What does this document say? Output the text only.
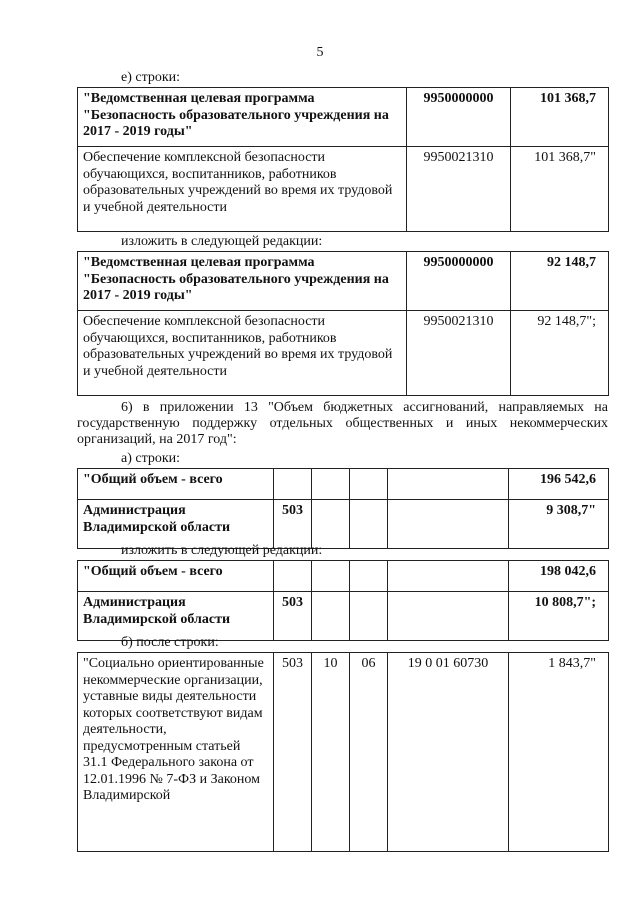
5
е) строки:
"Ведомственная целевая программа "Безопасность образовательного учреждения на 2017 - 2019 годы"	9950000000	101 368,7
Обеспечение комплексной безопасности обучающихся, воспитанников, работников образовательных учреждений во время их трудовой и учебной деятельности	9950021310	101 368,7"
изложить в следующей редакции:
"Ведомственная целевая программа "Безопасность образовательного учреждения на 2017 - 2019 годы"	9950000000	92 148,7
Обеспечение комплексной безопасности обучающихся, воспитанников, работников образовательных учреждений во время их трудовой и учебной деятельности	9950021310	92 148,7";
6) в приложении 13 "Объем бюджетных ассигнований, направляемых на государственную поддержку отдельных общественных и иных некоммерческих организаций, на 2017 год":
а) строки:
"Общий объем - всего					196 542,6
Администрация Владимирской области	503				9 308,7"
изложить в следующей редакции:
"Общий объем - всего					198 042,6
Администрация Владимирской области	503				10 808,7";
б) после строки:
"Социально ориентированные некоммерческие организации, уставные виды деятельности которых соответствуют видам деятельности, предусмотренным статьей 31.1 Федерального закона от 12.01.1996 № 7-ФЗ и Законом Владимирской	503	10	06	19 0 01 60730	1 843,7"
